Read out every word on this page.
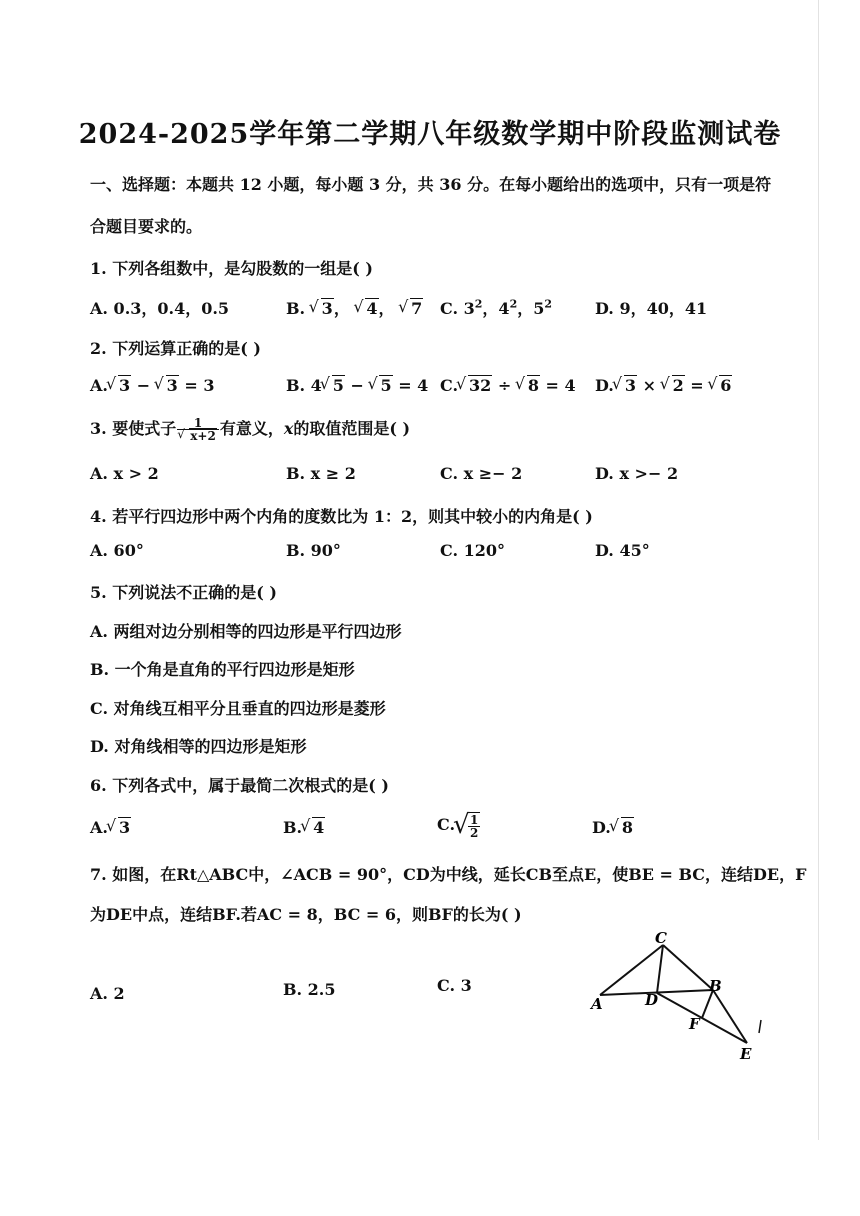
2024-2025学年第二学期八年级数学期中阶段监测试卷
一、选择题：本题共 12 小题，每小题 3 分，共 36 分。在每小题给出的选项中，只有一项是符
合题目要求的。
1. 下列各组数中，是勾股数的一组是( )
A. 0.3，0.4，0.5	B. √ 3， √ 4， √ 7 C. $3^2$，$4^2$，$5^2$	D. 9，40，41
2. 下列运算正确的是( )
A. √ 3 − √ 3 = 3	B. 4 √ 5 − √ 5 = 4 C. √ 32 ÷ √ 8 = 4 D. √ 3 × √ 2 = √ 6
3. 要使式子 1
√ x+2 有意义，x的取值范围是( )
A. x > 2	B. x ≥ 2	C. x ≥− 2	D. x >− 2
4. 若平行四边形中两个内角的度数比为 1：2，则其中较小的内角是( )
A. 60°	B. 90°	C. 120°	D. 45°
5. 下列说法不正确的是( )
A. 两组对边分别相等的四边形是平行四边形
B. 一个角是直角的平行四边形是矩形
C. 对角线互相平分且垂直的四边形是菱形
D. 对角线相等的四边形是矩形
6. 下列各式中，属于最简二次根式的是( )
A. √ 3	B. √ 4	C. √ $\frac{1}{2}$	D. √ 8
7. 如图，在Rt△ABC中，∠ACB = 90°，CD为中线，延长CB至点E，使BE = BC，连结DE，F
为DE中点，连结BF.若AC = 8，BC = 6，则BF的长为( )
A. 2	B. 2.5	C. 3
C
A	D
B
F
E
